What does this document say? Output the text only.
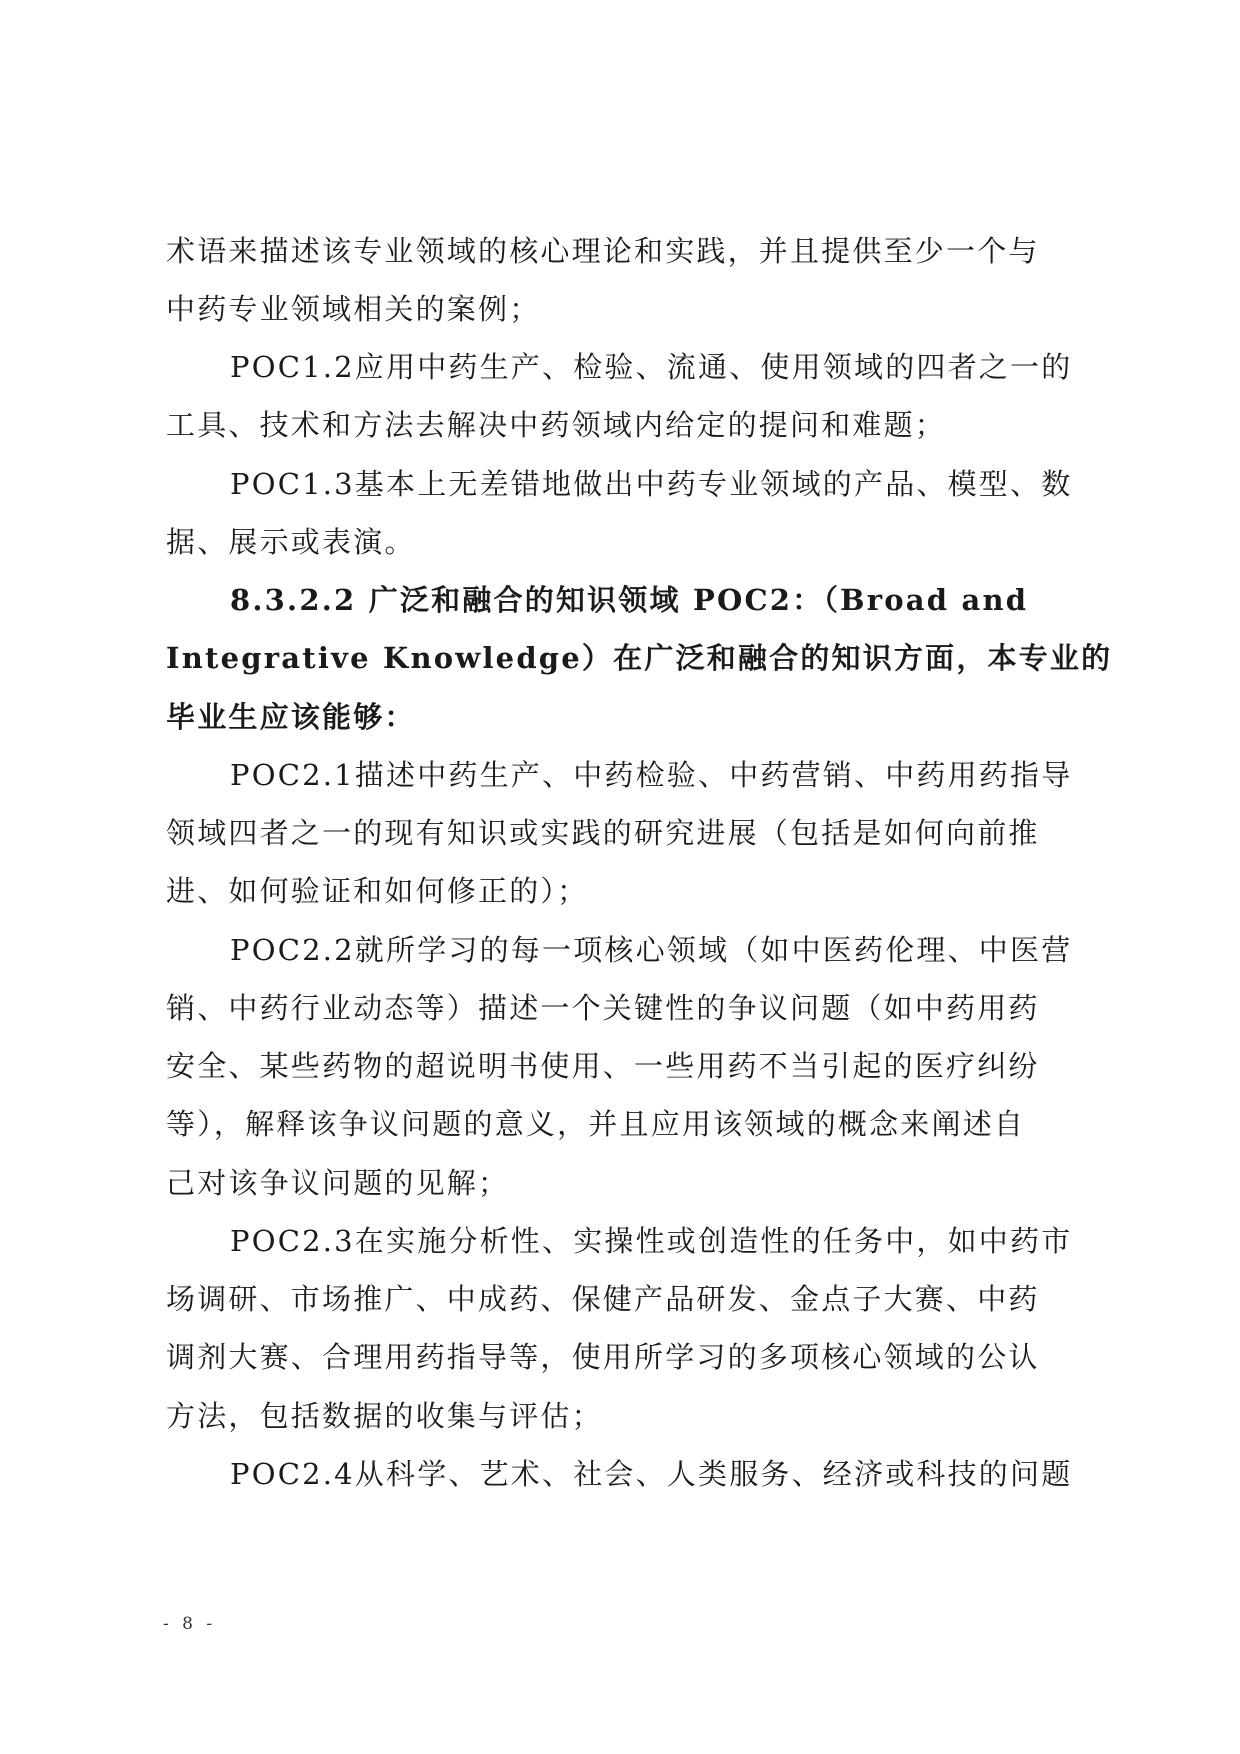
术语来描述该专业领域的核心理论和实践，并且提供至少一个与
中药专业领域相关的案例；
POC1.2应用中药生产、检验、流通、使用领域的四者之一的
工具、技术和方法去解决中药领域内给定的提问和难题；
POC1.3基本上无差错地做出中药专业领域的产品、模型、数
据、展示或表演。
8.3.2.2 广泛和融合的知识领域 POC2：（Broad and
Integrative Knowledge）在广泛和融合的知识方面，本专业的
毕业生应该能够：
POC2.1描述中药生产、中药检验、中药营销、中药用药指导
领域四者之一的现有知识或实践的研究进展（包括是如何向前推
进、如何验证和如何修正的）；
POC2.2就所学习的每一项核心领域（如中医药伦理、中医营
销、中药行业动态等）描述一个关键性的争议问题（如中药用药
安全、某些药物的超说明书使用、一些用药不当引起的医疗纠纷
等），解释该争议问题的意义，并且应用该领域的概念来阐述自
己对该争议问题的见解；
POC2.3在实施分析性、实操性或创造性的任务中，如中药市
场调研、市场推广、中成药、保健产品研发、金点子大赛、中药
调剂大赛、合理用药指导等，使用所学习的多项核心领域的公认
方法，包括数据的收集与评估；
POC2.4从科学、艺术、社会、人类服务、经济或科技的问题
- 8 -
